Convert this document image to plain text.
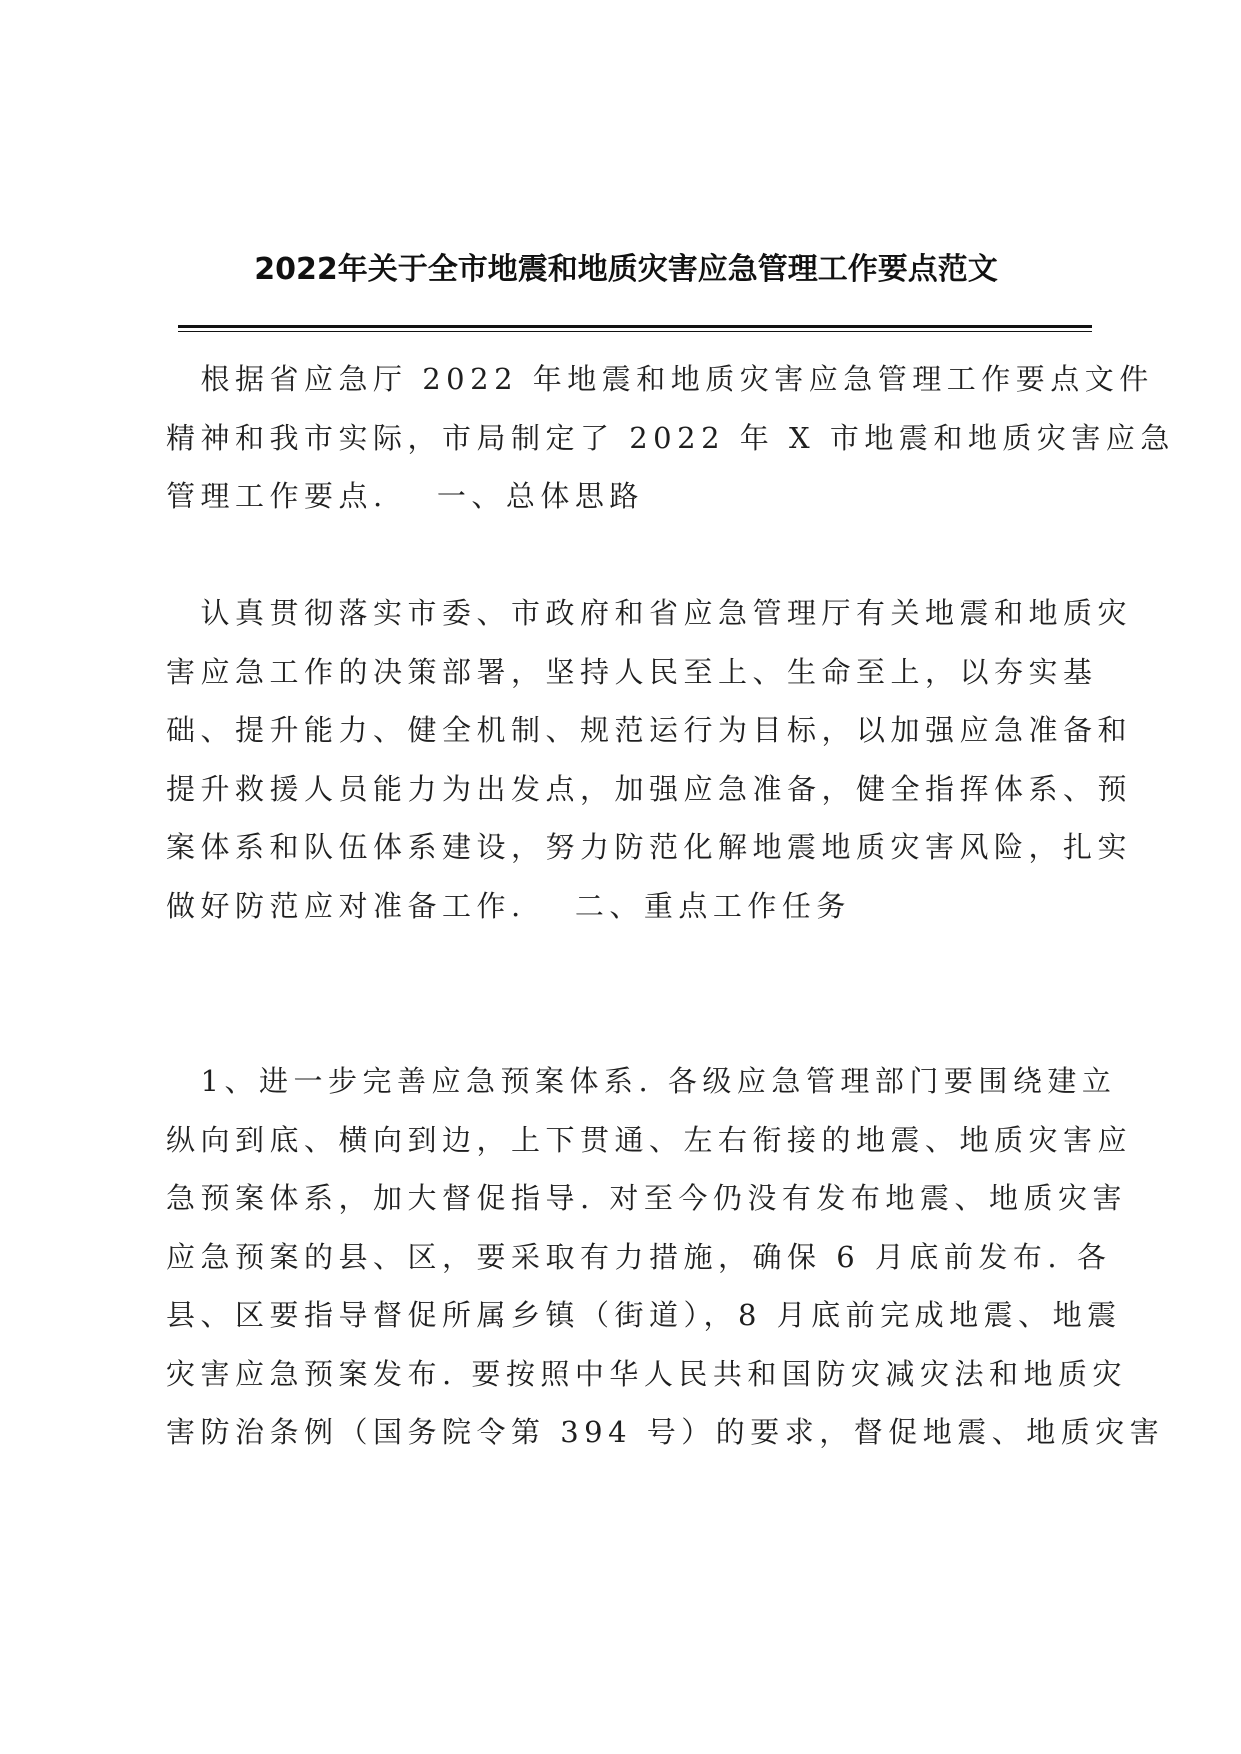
2022年关于全市地震和地质灾害应急管理工作要点范文
　根据省应急厅 2022 年地震和地质灾害应急管理工作要点文件
精神和我市实际，市局制定了 2022 年 X 市地震和地质灾害应急
管理工作要点.　 一、总体思路
　认真贯彻落实市委、市政府和省应急管理厅有关地震和地质灾
害应急工作的决策部署，坚持人民至上、生命至上，以夯实基
础、提升能力、健全机制、规范运行为目标，以加强应急准备和
提升救援人员能力为出发点，加强应急准备，健全指挥体系、预
案体系和队伍体系建设，努力防范化解地震地质灾害风险，扎实
做好防范应对准备工作.　 二、重点工作任务
　1、进一步完善应急预案体系. 各级应急管理部门要围绕建立
纵向到底、横向到边，上下贯通、左右衔接的地震、地质灾害应
急预案体系，加大督促指导. 对至今仍没有发布地震、地质灾害
应急预案的县、区，要采取有力措施，确保 6 月底前发布. 各
县、区要指导督促所属乡镇（街道），8 月底前完成地震、地震
灾害应急预案发布. 要按照中华人民共和国防灾减灾法和地质灾
害防治条例（国务院令第 394 号）的要求，督促地震、地质灾害
